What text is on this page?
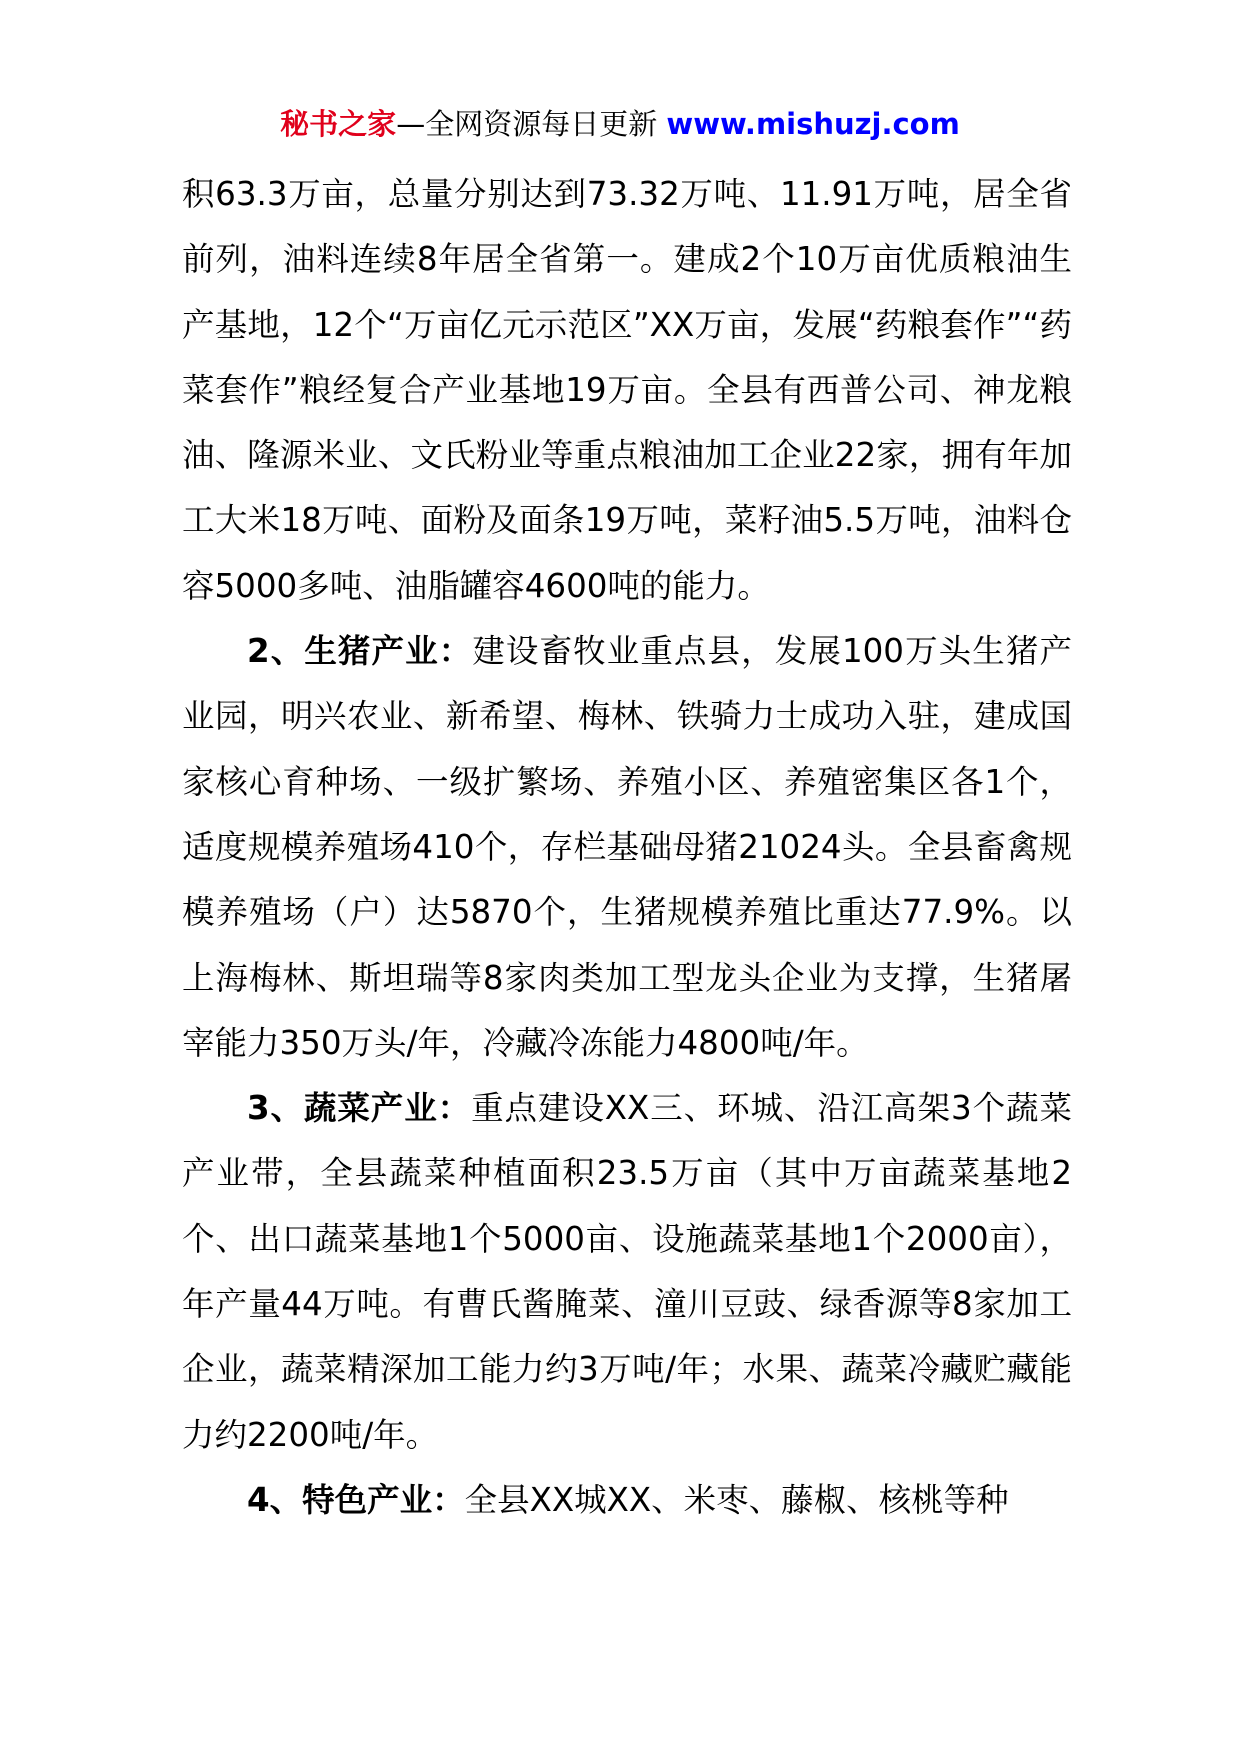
秘书之家—全网资源每日更新 www.mishuzj.com

积63.3万亩，总量分别达到73.32万吨、11.91万吨，居全省前列，油料连续8年居全省第一。建成2个10万亩优质粮油生产基地，12个“万亩亿元示范区”XX万亩，发展“药粮套作”“药菜套作”粮经复合产业基地19万亩。全县有西普公司、神龙粮油、隆源米业、文氏粉业等重点粮油加工企业22家，拥有年加工大米18万吨、面粉及面条19万吨，菜籽油5.5万吨，油料仓容5000多吨、油脂罐容4600吨的能力。

2、生猪产业：建设畜牧业重点县，发展100万头生猪产业园，明兴农业、新希望、梅林、铁骑力士成功入驻，建成国家核心育种场、一级扩繁场、养殖小区、养殖密集区各1个，适度规模养殖场410个，存栏基础母猪21024头。全县畜禽规模养殖场（户）达5870个，生猪规模养殖比重达77.9%。以上海梅林、斯坦瑞等8家肉类加工型龙头企业为支撑，生猪屠宰能力350万头/年，冷藏冷冻能力4800吨/年。

3、蔬菜产业：重点建设XX三、环城、沿江高架3个蔬菜产业带，全县蔬菜种植面积23.5万亩（其中万亩蔬菜基地2个、出口蔬菜基地1个5000亩、设施蔬菜基地1个2000亩），年产量44万吨。有曹氏酱腌菜、潼川豆豉、绿香源等8家加工企业，蔬菜精深加工能力约3万吨/年；水果、蔬菜冷藏贮藏能力约2200吨/年。

4、特色产业：全县XX城XX、米枣、藤椒、核桃等种
